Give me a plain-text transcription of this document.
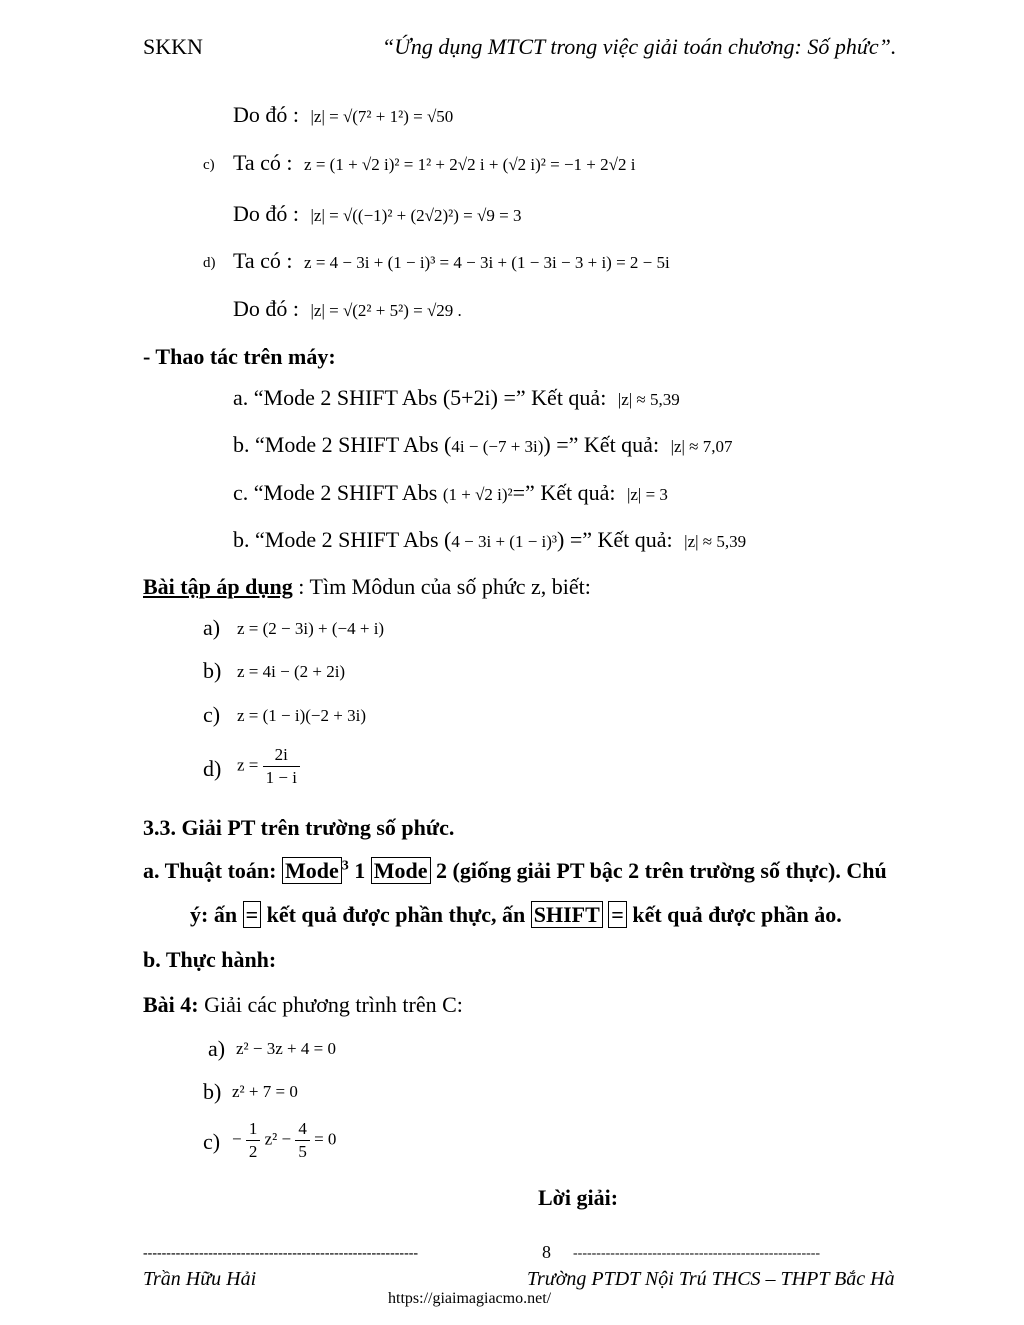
SKKN	“Ứng dụng MTCT trong việc giải toán chương: Số phức”.
Do đó : |z| = √(7² + 1²) = √50
c) Ta có : z = (1 + √2 i)² = 1² + 2√2 i + (√2 i)² = −1 + 2√2 i
Do đó : |z| = √((−1)² + (2√2)²) = √9 = 3
d) Ta có : z = 4 − 3i + (1 − i)³ = 4 − 3i + (1 − 3i − 3 + i) = 2 − 5i
Do đó : |z| = √(2² + 5²) = √29 .
- Thao tác trên máy:
a. “Mode 2 SHIFT Abs (5+2i) =” Kết quả: |z| ≈ 5,39
b. “Mode 2 SHIFT Abs (4i − (−7 + 3i)) =” Kết quả: |z| ≈ 7,07
c. “Mode 2 SHIFT Abs (1 + √2 i)²=” Kết quả: |z| = 3
b. “Mode 2 SHIFT Abs (4 − 3i + (1 − i)³) =” Kết quả: |z| ≈ 5,39
Bài tập áp dụng : Tìm Môdun của số phức z, biết:
a) z = (2 − 3i) + (−4 + i)
b) z = 4i − (2 + 2i)
c) z = (1 − i)(−2 + 3i)
d) $z = \frac{2i}{1 - i}$
3.3. Giải PT trên trường số phức.
a. Thuật toán: Mode $^3$ 1 Mode 2 (giống giải PT bậc 2 trên trường số thực). Chú
ý: ấn = kết quả được phần thực, ấn SHIFT = kết quả được phần ảo.
b. Thực hành:
Bài 4: Giải các phương trình trên C:
a) z² − 3z + 4 = 0
b) z² + 7 = 0
$c) - \frac{1}{2} z^2 - \frac{4}{5} = 0$
Lời giải:
-----------------------------------------------------------	8 -----------------------------------------------------
Trần Hữu Hải	Trường PTDT Nội Trú THCS – THPT Bắc Hà
https://giaimagiacmo.net/
